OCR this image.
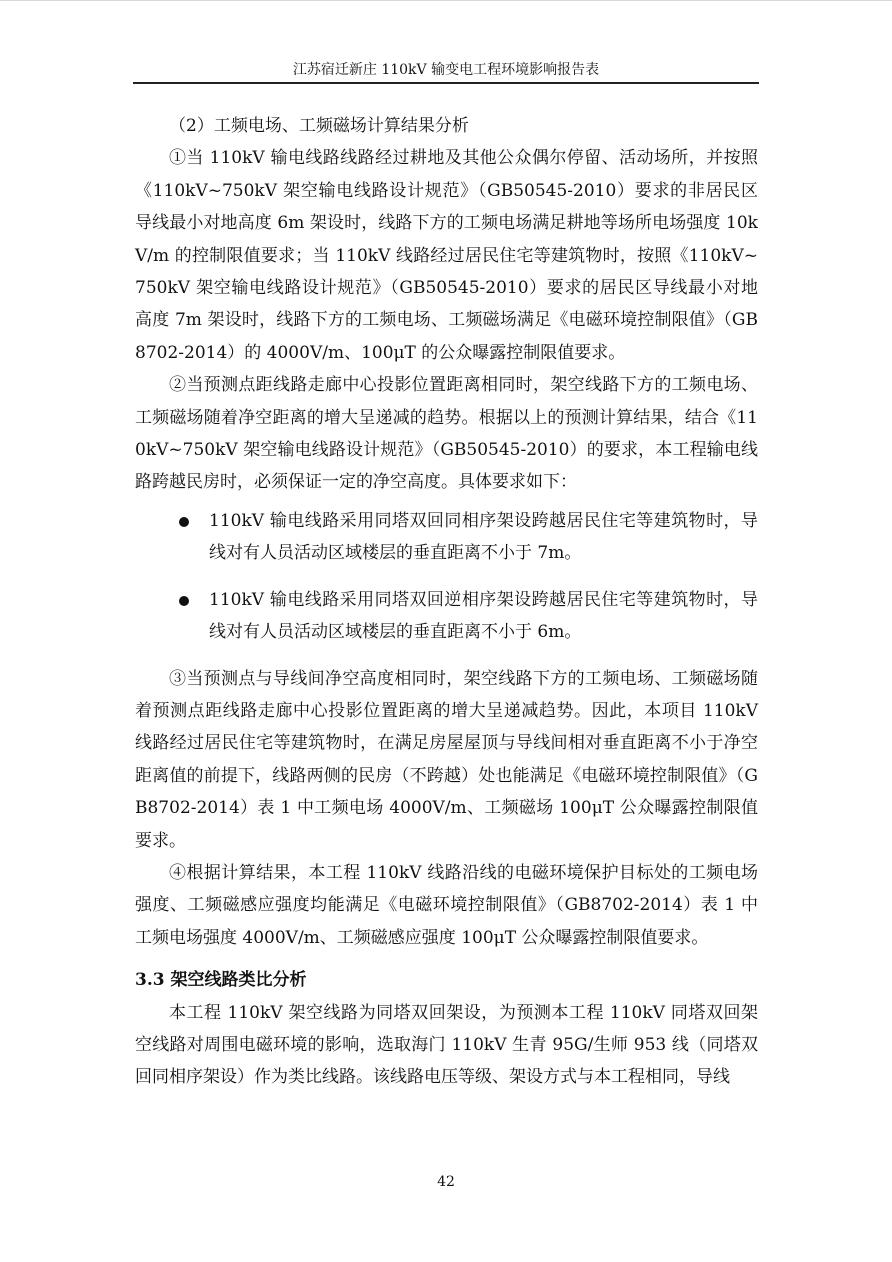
江苏宿迁新庄 110kV 输变电工程环境影响报告表

（2）工频电场、工频磁场计算结果分析

①当 110kV 输电线路线路经过耕地及其他公众偶尔停留、活动场所，并按照《110kV~750kV 架空输电线路设计规范》（GB50545-2010）要求的非居民区导线最小对地高度 6m 架设时，线路下方的工频电场满足耕地等场所电场强度 10kV/m 的控制限值要求；当 110kV 线路经过居民住宅等建筑物时，按照《110kV~750kV 架空输电线路设计规范》（GB50545-2010）要求的居民区导线最小对地高度 7m 架设时，线路下方的工频电场、工频磁场满足《电磁环境控制限值》（GB8702-2014）的 4000V/m、100μT 的公众曝露控制限值要求。

②当预测点距线路走廊中心投影位置距离相同时，架空线路下方的工频电场、工频磁场随着净空距离的增大呈递减的趋势。根据以上的预测计算结果，结合《110kV~750kV 架空输电线路设计规范》（GB50545-2010）的要求，本工程输电线路跨越民房时，必须保证一定的净空高度。具体要求如下：

110kV 输电线路采用同塔双回同相序架设跨越居民住宅等建筑物时，导线对有人员活动区域楼层的垂直距离不小于 7m。
110kV 输电线路采用同塔双回逆相序架设跨越居民住宅等建筑物时，导线对有人员活动区域楼层的垂直距离不小于 6m。

③当预测点与导线间净空高度相同时，架空线路下方的工频电场、工频磁场随着预测点距线路走廊中心投影位置距离的增大呈递减趋势。因此，本项目 110kV 线路经过居民住宅等建筑物时，在满足房屋屋顶与导线间相对垂直距离不小于净空距离值的前提下，线路两侧的民房（不跨越）处也能满足《电磁环境控制限值》（GB8702-2014）表 1 中工频电场 4000V/m、工频磁场 100μT 公众曝露控制限值要求。

④根据计算结果，本工程 110kV 线路沿线的电磁环境保护目标处的工频电场强度、工频磁感应强度均能满足《电磁环境控制限值》（GB8702-2014）表 1 中工频电场强度 4000V/m、工频磁感应强度 100μT 公众曝露控制限值要求。

3.3 架空线路类比分析

本工程 110kV 架空线路为同塔双回架设，为预测本工程 110kV 同塔双回架空线路对周围电磁环境的影响，选取海门 110kV 生青 95G/生师 953 线（同塔双回同相序架设）作为类比线路。该线路电压等级、架设方式与本工程相同，导线

42
